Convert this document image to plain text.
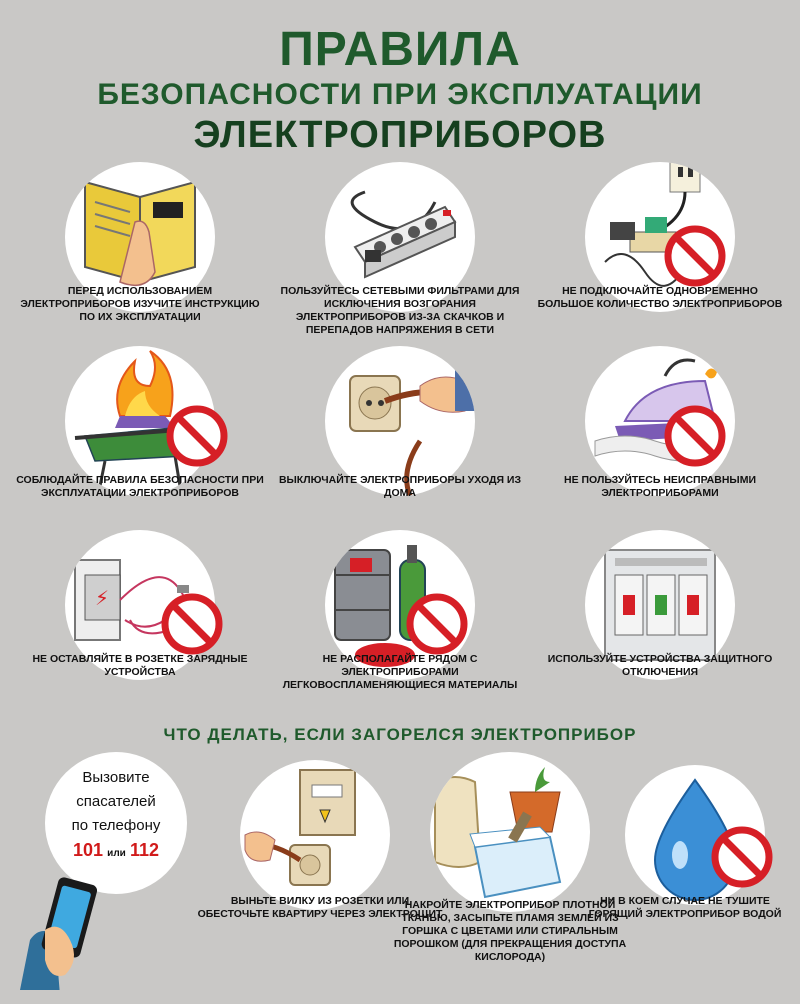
ПРАВИЛА
БЕЗОПАСНОСТИ ПРИ ЭКСПЛУАТАЦИИ
ЭЛЕКТРОПРИБОРОВ
ПЕРЕД ИСПОЛЬЗОВАНИЕМ ЭЛЕКТРОПРИБОРОВ ИЗУЧИТЕ ИНСТРУКЦИЮ ПО ИХ ЭКСПЛУАТАЦИИ
ПОЛЬЗУЙТЕСЬ СЕТЕВЫМИ ФИЛЬТРАМИ ДЛЯ ИСКЛЮЧЕНИЯ ВОЗГОРАНИЯ ЭЛЕКТРОПРИБОРОВ ИЗ-ЗА СКАЧКОВ И ПЕРЕПАДОВ НАПРЯЖЕНИЯ В СЕТИ
НЕ ПОДКЛЮЧАЙТЕ ОДНОВРЕМЕННО БОЛЬШОЕ КОЛИЧЕСТВО ЭЛЕКТРОПРИБОРОВ
СОБЛЮДАЙТЕ ПРАВИЛА БЕЗОПАСНОСТИ ПРИ ЭКСПЛУАТАЦИИ ЭЛЕКТРОПРИБОРОВ
ВЫКЛЮЧАЙТЕ ЭЛЕКТРОПРИБОРЫ УХОДЯ ИЗ ДОМА
НЕ ПОЛЬЗУЙТЕСЬ НЕИСПРАВНЫМИ ЭЛЕКТРОПРИБОРАМИ
⚡
НЕ ОСТАВЛЯЙТЕ В РОЗЕТКЕ ЗАРЯДНЫЕ УСТРОЙСТВА
НЕ РАСПОЛАГАЙТЕ РЯДОМ С ЭЛЕКТРОПРИБОРАМИ ЛЕГКОВОСПЛАМЕНЯЮЩИЕСЯ МАТЕРИАЛЫ
ИСПОЛЬЗУЙТЕ УСТРОЙСТВА ЗАЩИТНОГО ОТКЛЮЧЕНИЯ
ЧТО ДЕЛАТЬ, ЕСЛИ ЗАГОРЕЛСЯ ЭЛЕКТРОПРИБОР
Вызовите
спасателей
по телефону
101 или 112
ВЫНЬТЕ ВИЛКУ ИЗ РОЗЕТКИ ИЛИ ОБЕСТОЧЬТЕ КВАРТИРУ ЧЕРЕЗ ЭЛЕКТРОЩИТ
НАКРОЙТЕ ЭЛЕКТРОПРИБОР ПЛОТНОЙ ТКАНЬЮ, ЗАСЫПЬТЕ ПЛАМЯ ЗЕМЛЕЙ ИЗ ГОРШКА С ЦВЕТАМИ ИЛИ СТИРАЛЬНЫМ ПОРОШКОМ (ДЛЯ ПРЕКРАЩЕНИЯ ДОСТУПА КИСЛОРОДА)
НИ В КОЕМ СЛУЧАЕ НЕ ТУШИТЕ ГОРЯЩИЙ ЭЛЕКТРОПРИБОР ВОДОЙ
